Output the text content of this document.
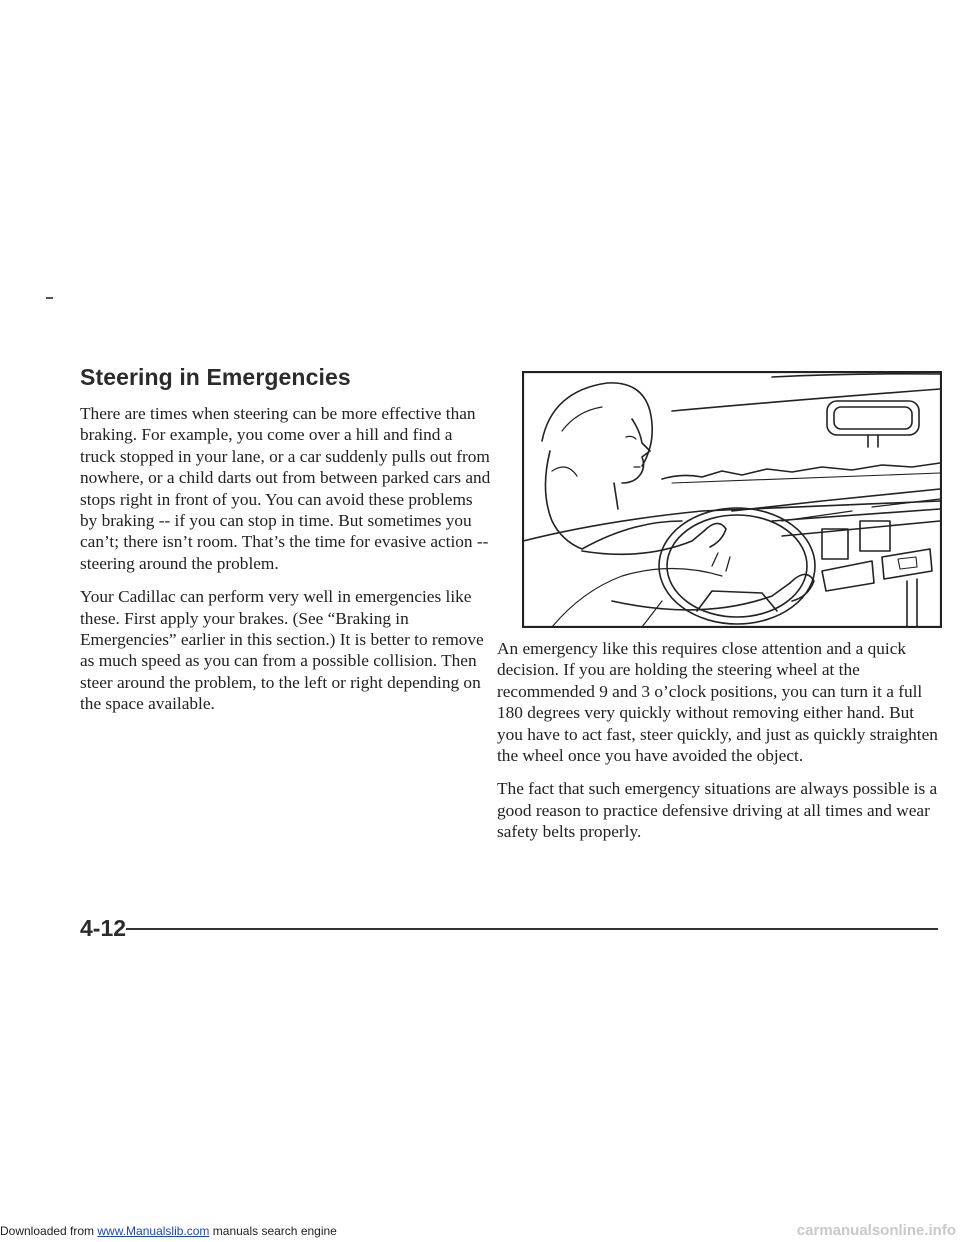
Steering in Emergencies

There are times when steering can be more effective than braking. For example, you come over a hill and find a truck stopped in your lane, or a car suddenly pulls out from nowhere, or a child darts out from between parked cars and stops right in front of you. You can avoid these problems by braking -- if you can stop in time. But sometimes you can’t; there isn’t room. That’s the time for evasive action -- steering around the problem.

Your Cadillac can perform very well in emergencies like these. First apply your brakes. (See “Braking in Emergencies” earlier in this section.) It is better to remove as much speed as you can from a possible collision. Then steer around the problem, to the left or right depending on the space available.

An emergency like this requires close attention and a quick decision. If you are holding the steering wheel at the recommended 9 and 3 o’clock positions, you can turn it a full 180 degrees very quickly without removing either hand. But you have to act fast, steer quickly, and just as quickly straighten the wheel once you have avoided the object.

The fact that such emergency situations are always possible is a good reason to practice defensive driving at all times and wear safety belts properly.

4-12
Downloaded from www.Manualslib.com manuals search engine	carmanualsonline.info
